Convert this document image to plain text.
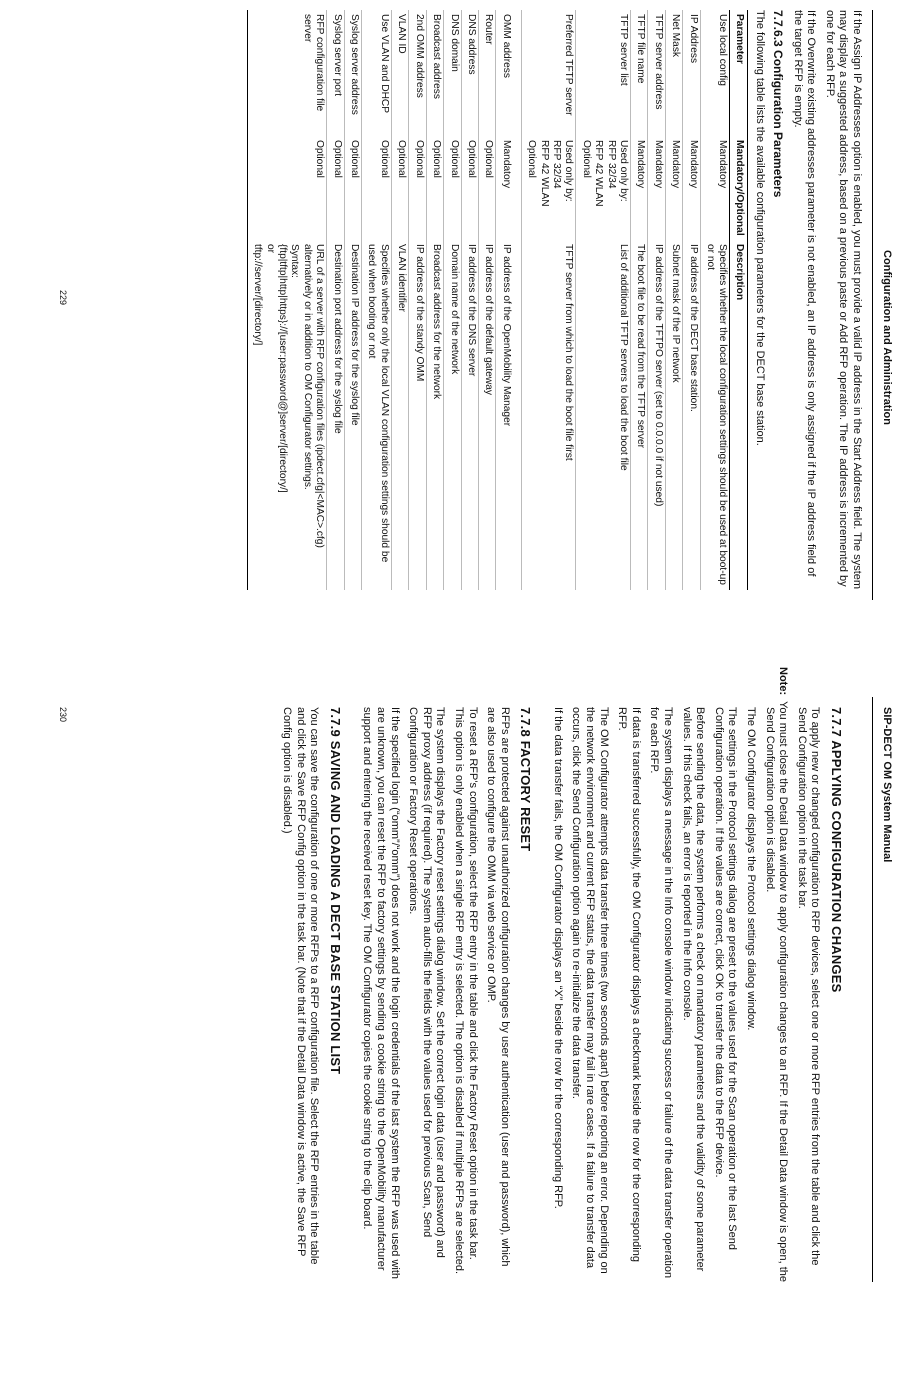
Configuration and Administration

If the Assign IP Addresses option is enabled, you must provide a valid IP address in the Start Address field. The system may display a suggested address, based on a previous paste or Add RFP operation. The IP address is incremented by one for each RFP.

If the Overwrite existing addresses parameter is not enabled, an IP address is only assigned if the IP address field of the target RFP is empty.

7.7.6.3 Configuration Parameters

The following table lists the available configuration parameters for the DECT base station.

Parameter	Mandatory/Optional	Description
Use local config	Mandatory	Specifies whether the local configuration settings should be used at boot-up or not
IP Address	Mandatory	IP address of the DECT base station.
Net Mask	Mandatory	Subnet mask of the IP network
TFTP server address	Mandatory	IP address of the TFTPO server (set to 0.0.0.0 if not used)
TFTP file name	Mandatory	The boot file to be read from the TFTP server
TFTP server list	Used only by:
RFP 32/34
RFP 42 WLAN
Optional	List of additional TFTP servers to load the boot file
Preferred TFTP server	Used only by:
RFP 32/34
RFP 42 WLAN
Optional	TFTP server from which to load the boot file first
OMM address	Mandatory	IP address of the OpenMobility Manager
Router	Optional	IP address of the default gateway
DNS address	Optional	IP address of the DNS server
DNS domain	Optional	Domain name of the network
Broadcast address	Optional	Broadcast address for the network
2nd OMM address	Optional	IP address of the standy OMM
VLAN ID	Optional	VLAN identifier
Use VLAN and DHCP	Optional	Specifies whether only the local VLAN configuration settings should be used when booting or not
Syslog server address	Optional	Destination IP address for the syslog file
Syslog server port	Optional	Destination port address for the syslog file
RFP configuration file server	Optional	URL of a server with RFP configuration files (ipdect.cfg|<MAC>.cfg) alternatively or in addition to OM Configurator settings.
Syntax:
{ftp|tftp|http|https}://[user:password@]server/[directory/]
or
tftp://server/[directory/]
229
SIP-DECT OM System Manual
7.7.7 APPLYING CONFIGURATION CHANGES

To apply new or changed configuration to RFP devices, select one or more RFP entries from the table and click the Send Configuration option in the task bar.

Note:You must close the Detail Data window to apply configuration changes to an RFP. If the Detail Data window is open, the Send Configuration option is disabled.

The OM Configurator displays the Protocol settings dialog window.

The settings in the Protocol settings dialog are preset to the values used for the Scan operation or the last Send Configuration operation. If the values are correct, click OK to transfer the data to the RFP device.

Before sending the data, the system performs a check on mandatory parameters and the validity of some parameter values. If this check fails, an error is reported in the Info console.

The system displays a message in the Info console window indicating success or failure of the data transfer operation for each RFP.

If data is transferred successfully, the OM Configurator displays a checkmark beside the row for the corresponding RFP.

The OM Configurator attempts data transfer three times (two seconds apart) before reporting an error. Depending on the network environment and current RFP status, the data transfer may fail in rare cases. If a failure to transfer data occurs, click the Send Configuration option again to re-initialize the data transfer.

If the data transfer fails, the OM Configurator displays an “X” beside the row for the corresponding RFP.

7.7.8 FACTORY RESET

RFPs are protected against unauthorized configuration changes by user authentication (user and password), which are also used to configure the OMM via web service or OMP.

To reset a RFP's configuration, select the RFP entry in the table and click the Factory Reset option in the task bar. This option is only enabled when a single RFP entry is selected. The option is disabled if multiple RFPs are selected.

The system displays the Factory reset settings dialog window. Set the correct login data (user and password) and RFP proxy address (if required). The system auto-fills the fields with the values used for previous Scan, Send Configuration or Factory Reset operations.

If the specified login (“omm”/“omm”) does not work and the login credentials of the last system the RFP was used with are unknown, you can reset the RFP to factory settings by sending a cookie string to the OpenMobility manufacturer support and entering the received reset key. The OM Configurator copies the cookie string to the clip board.

7.7.9 SAVING AND LOADING A DECT BASE STATION LIST

You can save the configuration of one or more RFPs to a RFP configuration file. Select the RFP entries in the table and click the Save RFP Config option in the task bar. (Note that if the Detail Data window is active, the Save RFP Config option is disabled.)

230
